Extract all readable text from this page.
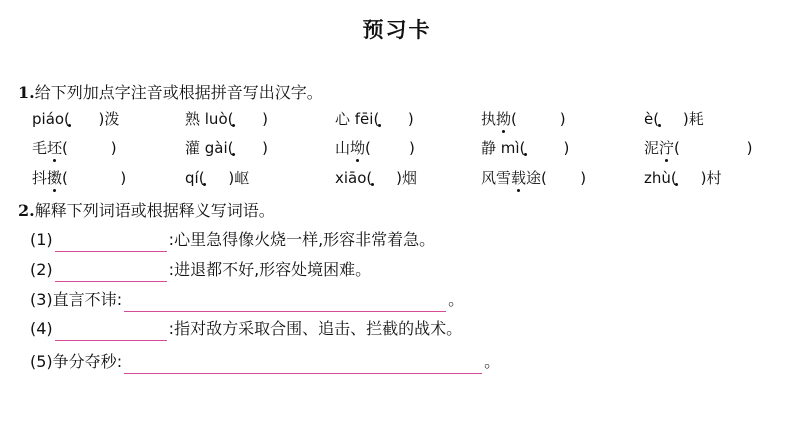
预习卡
1.给下列加点字注音或根据拼音写出汉字。
piáo(      )泼	熟 luò(      )	心 fēi(      )	执拗(         )	è(     )耗
毛坯(         )	灌 gài(      )	山坳(        )	静 mì(        )	泥泞(              )
抖擞(           )	qí(     )岖	xiāo(     )烟	风雪载途(       )	zhù(     )村
2.解释下列词语或根据释义写词语。
(1)	:心里急得像火烧一样,形容非常着急。
(2)	:进退都不好,形容处境困难。
(3)直言不讳:	。
(4)	:指对敌方采取合围、追击、拦截的战术。
(5)争分夺秒:	。
